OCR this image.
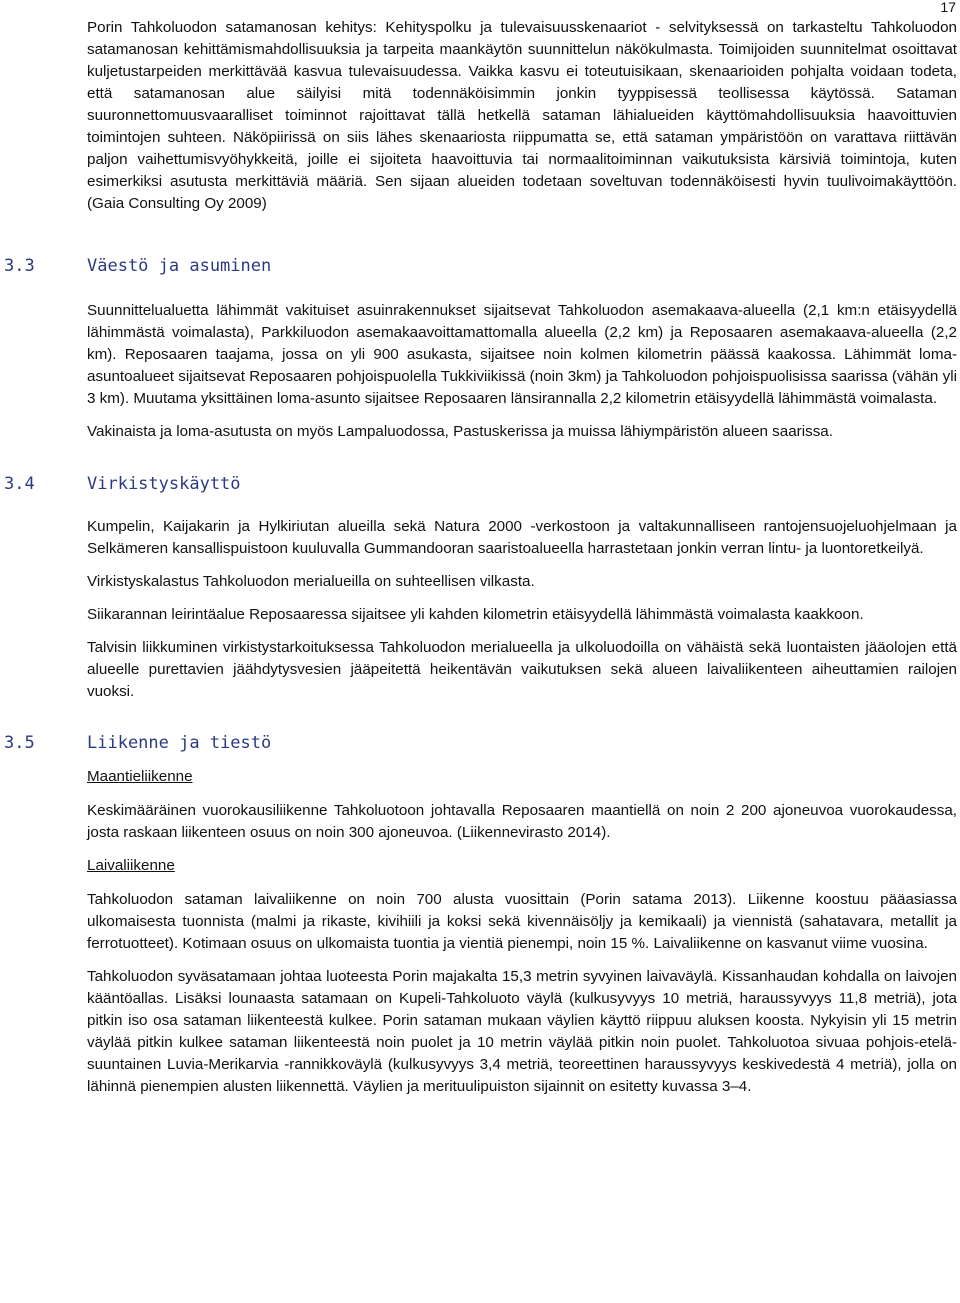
17

Porin Tahkoluodon satamanosan kehitys: Kehityspolku ja tulevaisuusskenaariot - selvityksessä on tarkasteltu Tahkoluodon satamanosan kehittämismahdollisuuksia ja tarpeita maankäytön suunnittelun näkökulmasta. Toimijoiden suunnitelmat osoittavat kuljetustarpeiden merkittävää kasvua tulevaisuudessa. Vaikka kasvu ei toteutuisikaan, skenaarioiden pohjalta voidaan todeta, että satamanosan alue säilyisi mitä todennäköisimmin jonkin tyyppisessä teollisessa käytössä. Sataman suuronnettomuusvaaralliset toiminnot rajoittavat tällä hetkellä sataman lähialueiden käyttömahdollisuuksia haavoittuvien toimintojen suhteen. Näköpiirissä on siis lähes skenaariosta riippumatta se, että sataman ympäristöön on varattava riittävän paljon vaihettumisvyöhykkeitä, joille ei sijoiteta haavoittuvia tai normaalitoiminnan vaikutuksista kärsiviä toimintoja, kuten esimerkiksi asutusta merkittäviä määriä. Sen sijaan alueiden todetaan soveltuvan todennäköisesti hyvin tuulivoimakäyttöön. (Gaia Consulting Oy 2009)

3.3	Väestö ja asuminen

Suunnittelualuetta lähimmät vakituiset asuinrakennukset sijaitsevat Tahkoluodon asemakaava-alueella (2,1 km:n etäisyydellä lähimmästä voimalasta), Parkkiluodon asemakaavoittamattomalla alueella (2,2 km) ja Reposaaren asemakaava-alueella (2,2 km). Reposaaren taajama, jossa on yli 900 asukasta, sijaitsee noin kolmen kilometrin päässä kaakossa. Lähimmät loma-asuntoalueet sijaitsevat Reposaaren pohjoispuolella Tukkiviikissä (noin 3km) ja Tahkoluodon pohjoispuolisissa saarissa (vähän yli 3 km). Muutama yksittäinen loma-asunto sijaitsee Reposaaren länsirannalla 2,2 kilometrin etäisyydellä lähimmästä voimalasta.

Vakinaista ja loma-asutusta on myös Lampaluodossa, Pastuskerissa ja muissa lähiympäristön alueen saarissa.

3.4	Virkistyskäyttö

Kumpelin, Kaijakarin ja Hylkiriutan alueilla sekä Natura 2000 -verkostoon ja valtakunnalliseen rantojensuojeluohjelmaan ja Selkämeren kansallispuistoon kuuluvalla Gummandooran saaristoalueella harrastetaan jonkin verran lintu- ja luontoretkeilyä.

Virkistyskalastus Tahkoluodon merialueilla on suhteellisen vilkasta.

Siikarannan leirintäalue Reposaaressa sijaitsee yli kahden kilometrin etäisyydellä lähimmästä voimalasta kaakkoon.

Talvisin liikkuminen virkistystarkoituksessa Tahkoluodon merialueella ja ulkoluodoilla on vähäistä sekä luontaisten jääolojen että alueelle purettavien jäähdytysvesien jääpeitettä heikentävän vaikutuksen sekä alueen laivaliikenteen aiheuttamien railojen vuoksi.

3.5	Liikenne ja tiestö

Maantieliikenne

Keskimääräinen vuorokausiliikenne Tahkoluotoon johtavalla Reposaaren maantiellä on noin 2 200 ajoneuvoa vuorokaudessa, josta raskaan liikenteen osuus on noin 300 ajoneuvoa. (Liikennevirasto 2014).

Laivaliikenne

Tahkoluodon sataman laivaliikenne on noin 700 alusta vuosittain (Porin satama 2013). Liikenne koostuu pääasiassa ulkomaisesta tuonnista (malmi ja rikaste, kivihiili ja koksi sekä kivennäisöljy ja kemikaali) ja viennistä (sahatavara, metallit ja ferrotuotteet). Kotimaan osuus on ulkomaista tuontia ja vientiä pienempi, noin 15 %. Laivaliikenne on kasvanut viime vuosina.

Tahkoluodon syväsatamaan johtaa luoteesta Porin majakalta 15,3 metrin syvyinen laivaväylä. Kissanhaudan kohdalla on laivojen kääntöallas. Lisäksi lounaasta satamaan on Kupeli-Tahkoluoto väylä (kulkusyvyys 10 metriä, haraussyvyys 11,8 metriä), jota pitkin iso osa sataman liikenteestä kulkee. Porin sataman mukaan väylien käyttö riippuu aluksen koosta. Nykyisin yli 15 metrin väylää pitkin kulkee sataman liikenteestä noin puolet ja 10 metrin väylää pitkin noin puolet. Tahkoluotoa sivuaa pohjois-etelä-suuntainen Luvia-Merikarvia -rannikkoväylä (kulkusyvyys 3,4 metriä, teoreettinen haraussyvyys keskivedestä 4 metriä), jolla on lähinnä pienempien alusten liikennettä. Väylien ja merituulipuiston sijainnit on esitetty kuvassa 3–4.
